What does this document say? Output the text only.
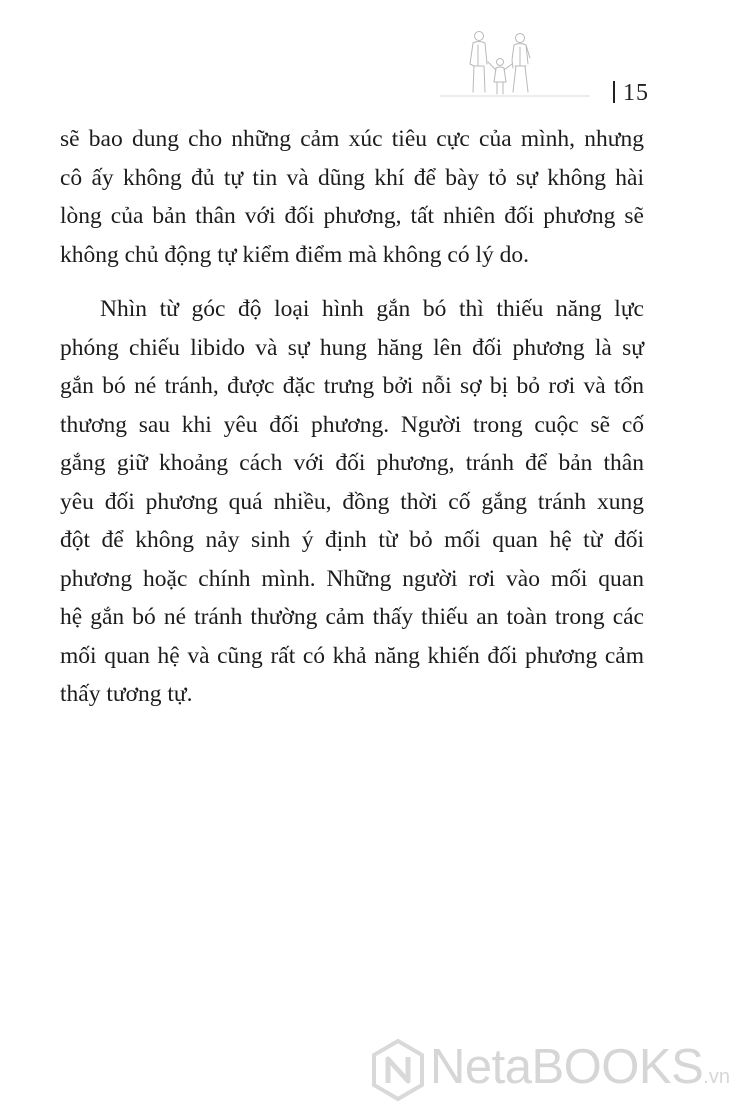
15
sẽ bao dung cho những cảm xúc tiêu cực của mình, nhưng
cô ấy không đủ tự tin và dũng khí để bày tỏ sự không hài
lòng của bản thân với đối phương, tất nhiên đối phương sẽ
không chủ động tự kiểm điểm mà không có lý do.
Nhìn từ góc độ loại hình gắn bó thì thiếu năng lực
phóng chiếu libido và sự hung hăng lên đối phương là sự
gắn bó né tránh, được đặc trưng bởi nỗi sợ bị bỏ rơi và tổn
thương sau khi yêu đối phương. Người trong cuộc sẽ cố
gắng giữ khoảng cách với đối phương, tránh để bản thân
yêu đối phương quá nhiều, đồng thời cố gắng tránh xung
đột để không nảy sinh ý định từ bỏ mối quan hệ từ đối
phương hoặc chính mình. Những người rơi vào mối quan
hệ gắn bó né tránh thường cảm thấy thiếu an toàn trong các
mối quan hệ và cũng rất có khả năng khiến đối phương cảm
thấy tương tự.
NetaBOOKS.vn
